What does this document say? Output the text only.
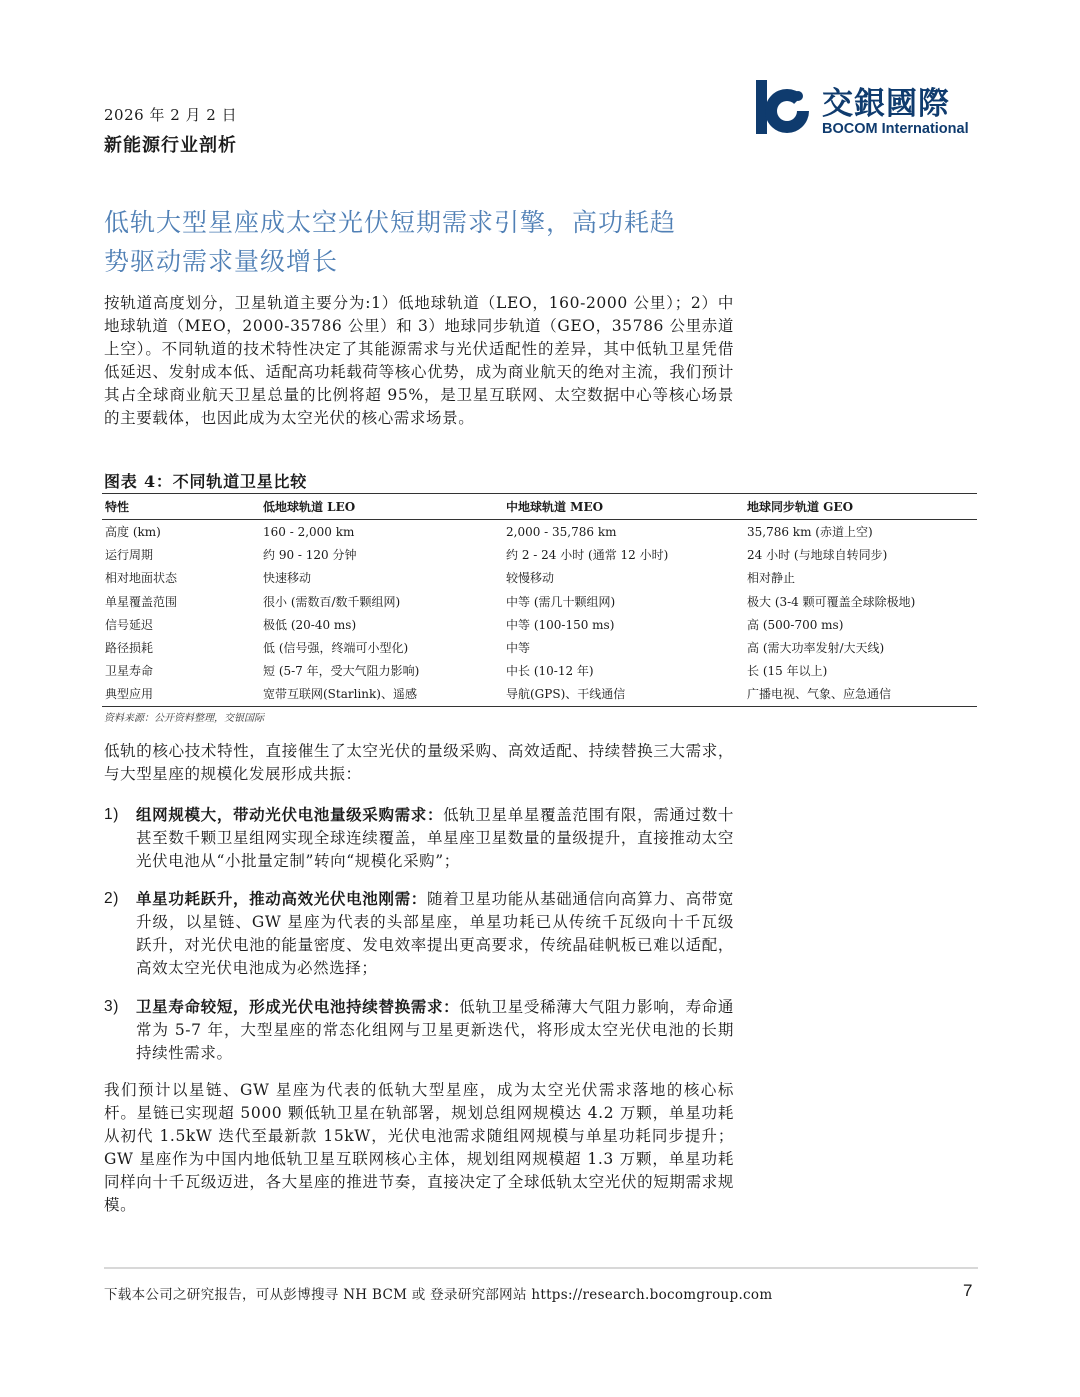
2026 年 2 月 2 日
新能源行业剖析
交銀國際
BOCOM International
低轨大型星座成太空光伏短期需求引擎，高功耗趋
势驱动需求量级增长
按轨道高度划分，卫星轨道主要分为:1）低地球轨道（LEO，160-2000 公里）；2）中地球轨道（MEO，2000-35786 公里）和 3）地球同步轨道（GEO，35786 公里赤道上空）。不同轨道的技术特性决定了其能源需求与光伏适配性的差异，其中低轨卫星凭借低延迟、发射成本低、适配高功耗载荷等核心优势，成为商业航天的绝对主流，我们预计其占全球商业航天卫星总量的比例将超 95%，是卫星互联网、太空数据中心等核心场景的主要载体，也因此成为太空光伏的核心需求场景。
图表 4：不同轨道卫星比较
特性	低地球轨道 LEO	中地球轨道 MEO	地球同步轨道 GEO
高度 (km)	160 - 2,000 km	2,000 - 35,786 km	35,786 km (赤道上空)
运行周期	约 90 - 120 分钟	约 2 - 24 小时 (通常 12 小时)	24 小时 (与地球自转同步)
相对地面状态	快速移动	较慢移动	相对静止
单星覆盖范围	很小 (需数百/数千颗组网)	中等 (需几十颗组网)	极大 (3-4 颗可覆盖全球除极地)
信号延迟	极低 (20-40 ms)	中等 (100-150 ms)	高 (500-700 ms)
路径损耗	低 (信号强，终端可小型化)	中等	高 (需大功率发射/大天线)
卫星寿命	短 (5-7 年，受大气阻力影响)	中长 (10-12 年)	长 (15 年以上)
典型应用	宽带互联网(Starlink)、遥感	导航(GPS)、干线通信	广播电视、气象、应急通信
资料来源：公开资料整理，交银国际
低轨的核心技术特性，直接催生了太空光伏的量级采购、高效适配、持续替换三大需求，与大型星座的规模化发展形成共振：
1) 组网规模大，带动光伏电池量级采购需求：低轨卫星单星覆盖范围有限，需通过数十甚至数千颗卫星组网实现全球连续覆盖，单星座卫星数量的量级提升，直接推动太空光伏电池从“小批量定制”转向“规模化采购”；
2) 单星功耗跃升，推动高效光伏电池刚需：随着卫星功能从基础通信向高算力、高带宽升级，以星链、GW 星座为代表的头部星座，单星功耗已从传统千瓦级向十千瓦级跃升，对光伏电池的能量密度、发电效率提出更高要求，传统晶硅帆板已难以适配，高效太空光伏电池成为必然选择；
3) 卫星寿命较短，形成光伏电池持续替换需求：低轨卫星受稀薄大气阻力影响，寿命通常为 5-7 年，大型星座的常态化组网与卫星更新迭代，将形成太空光伏电池的长期持续性需求。
我们预计以星链、GW 星座为代表的低轨大型星座，成为太空光伏需求落地的核心标杆。星链已实现超 5000 颗低轨卫星在轨部署，规划总组网规模达 4.2 万颗，单星功耗从初代 1.5kW 迭代至最新款 15kW，光伏电池需求随组网规模与单星功耗同步提升；GW 星座作为中国内地低轨卫星互联网核心主体，规划组网规模超 1.3 万颗，单星功耗同样向十千瓦级迈进，各大星座的推进节奏，直接决定了全球低轨太空光伏的短期需求规模。
下载本公司之研究报告，可从彭博搜寻 NH BCM 或 登录研究部网站 https://research.bocomgroup.com	7
